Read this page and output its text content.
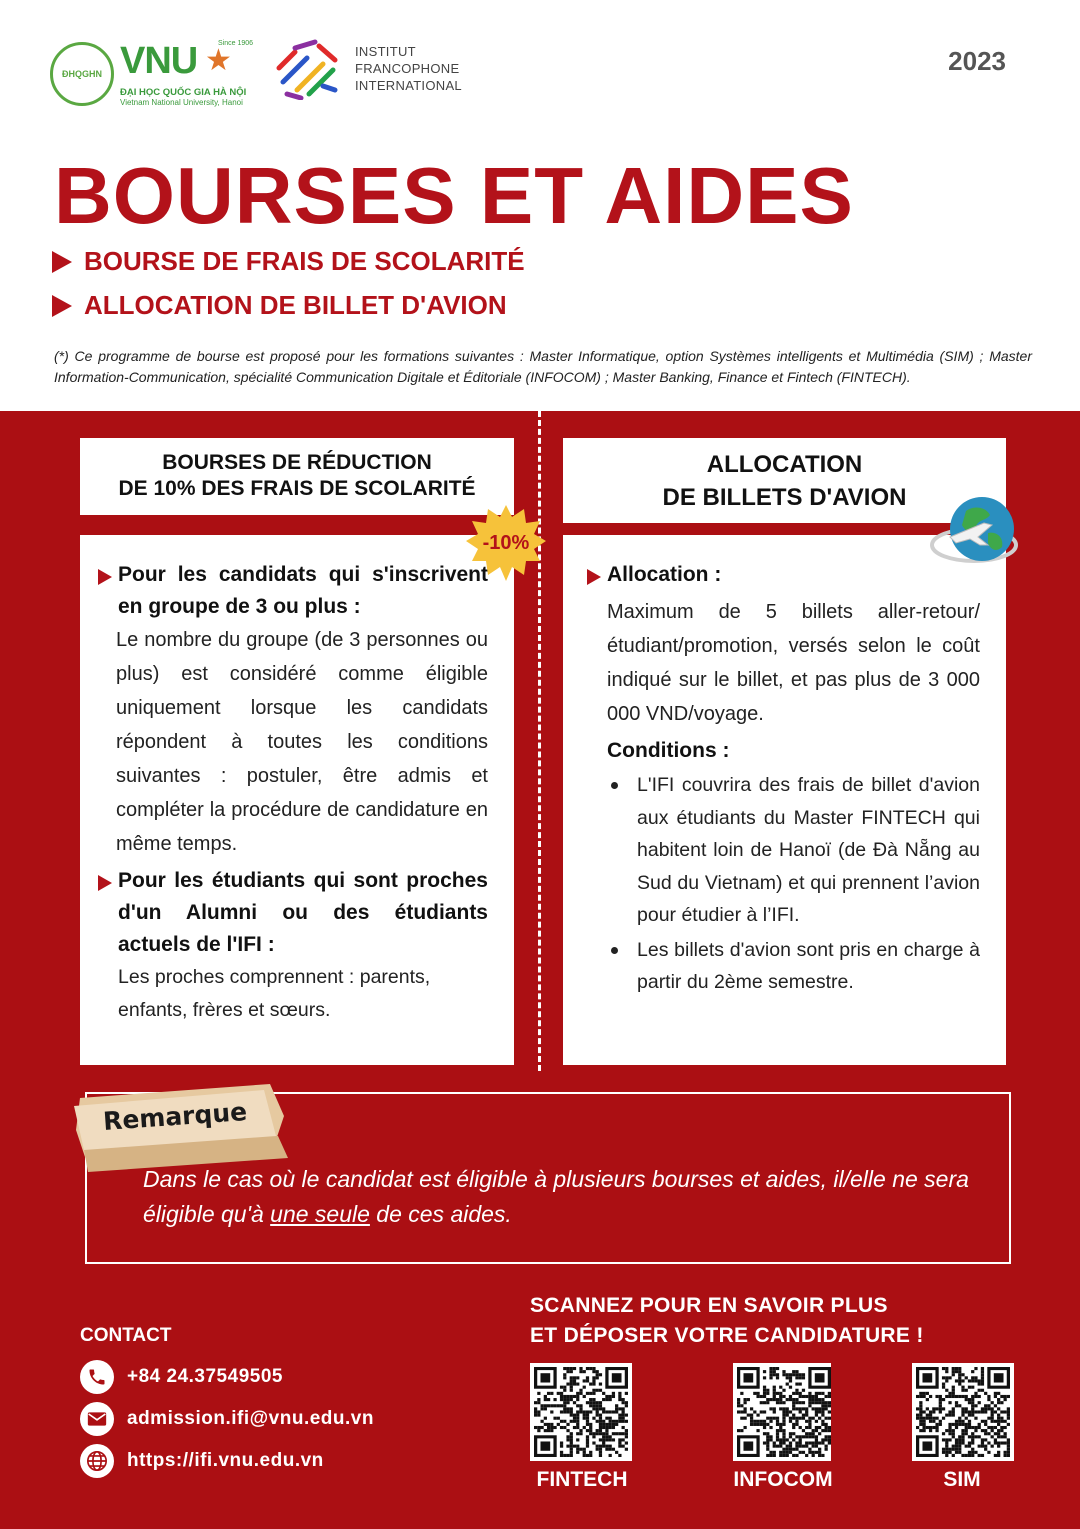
ĐHQGHN VNU ★
Since 1906
ĐẠI HỌC QUỐC GIA HÀ NỘI
Vietnam National University, Hanoi
INSTITUT
FRANCOPHONE
INTERNATIONAL
2023
BOURSES ET AIDES
BOURSE DE FRAIS DE SCOLARITÉ
ALLOCATION DE BILLET D'AVION
(*) Ce programme de bourse est proposé pour les formations suivantes : Master Informatique, option Systèmes intelligents et Multimédia (SIM) ; Master Information-Communication, spécialité Communication Digitale et Éditoriale (INFOCOM) ; Master Banking, Finance et Fintech (FINTECH).
BOURSES DE RÉDUCTION
DE 10% DES FRAIS DE SCOLARITÉ
Pour les candidats qui s'inscrivent en groupe de 3 ou plus :
Le nombre du groupe (de 3 personnes ou plus) est considéré comme éligible uniquement lorsque les candidats répondent à toutes les conditions suivantes : postuler, être admis et compléter la procédure de candidature en même temps.
Pour les étudiants qui sont proches d'un Alumni ou des étudiants actuels de l'IFI :
Les proches comprennent : parents, enfants, frères et sœurs.
-10%
ALLOCATION
DE BILLETS D'AVION
Allocation :
Maximum de 5 billets aller-retour/ étudiant/promotion, versés selon le coût indiqué sur le billet, et pas plus de 3 000 000 VND/voyage.
Conditions :
L'IFI couvrira des frais de billet d'avion aux étudiants du Master FINTECH qui habitent loin de Hanoï (de Đà Nẵng au Sud du Vietnam) et qui prennent l’avion pour étudier à l’IFI.
Les billets d'avion sont pris en charge à partir du 2ème semestre.
Remarque
Dans le cas où le candidat est éligible à plusieurs bourses et aides, il/elle ne sera éligible qu'à une seule de ces aides.
CONTACT
+84 24.37549505
admission.ifi@vnu.edu.vn
https://ifi.vnu.edu.vn
SCANNEZ POUR EN SAVOIR PLUS
ET DÉPOSER VOTRE CANDIDATURE !
FINTECH	INFOCOM	SIM
